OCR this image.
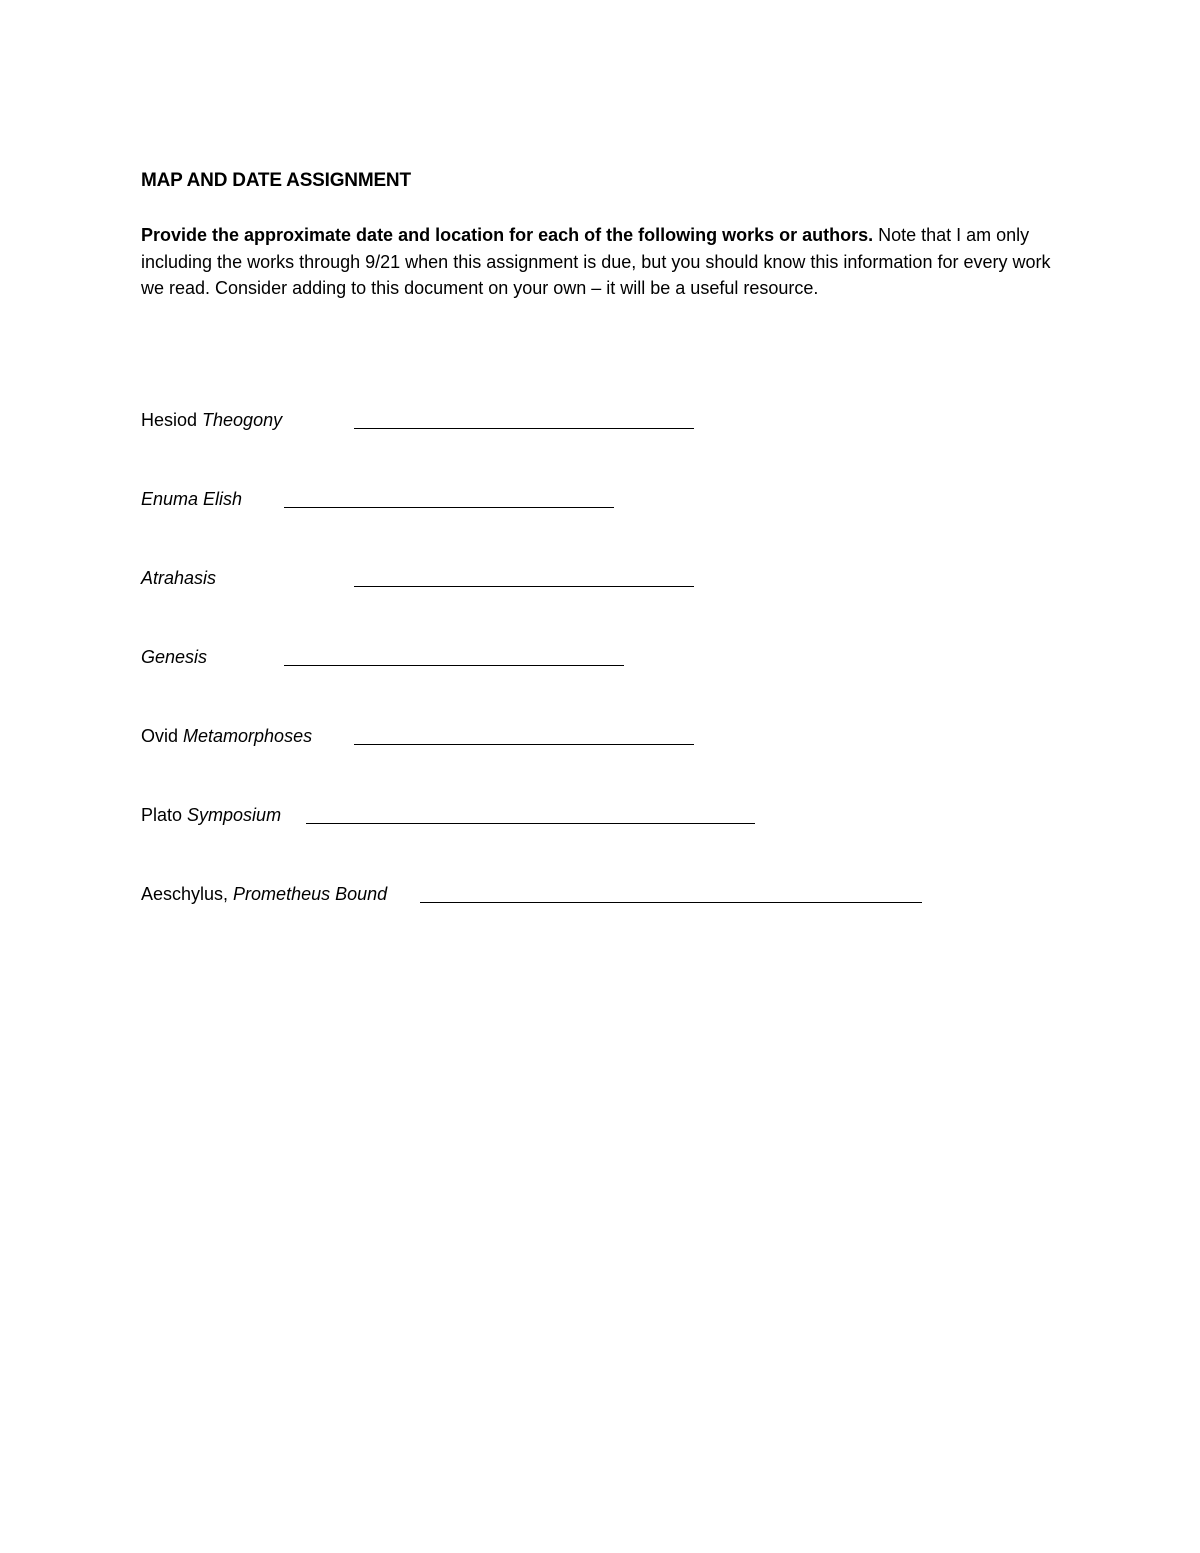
MAP AND DATE ASSIGNMENT
Provide the approximate date and location for each of the following works or authors. Note that I am only including the works through 9/21 when this assignment is due, but you should know this information for every work we read. Consider adding to this document on your own – it will be a useful resource.
Hesiod Theogony
Enuma Elish
Atrahasis
Genesis
Ovid Metamorphoses
Plato Symposium
Aeschylus, Prometheus Bound
